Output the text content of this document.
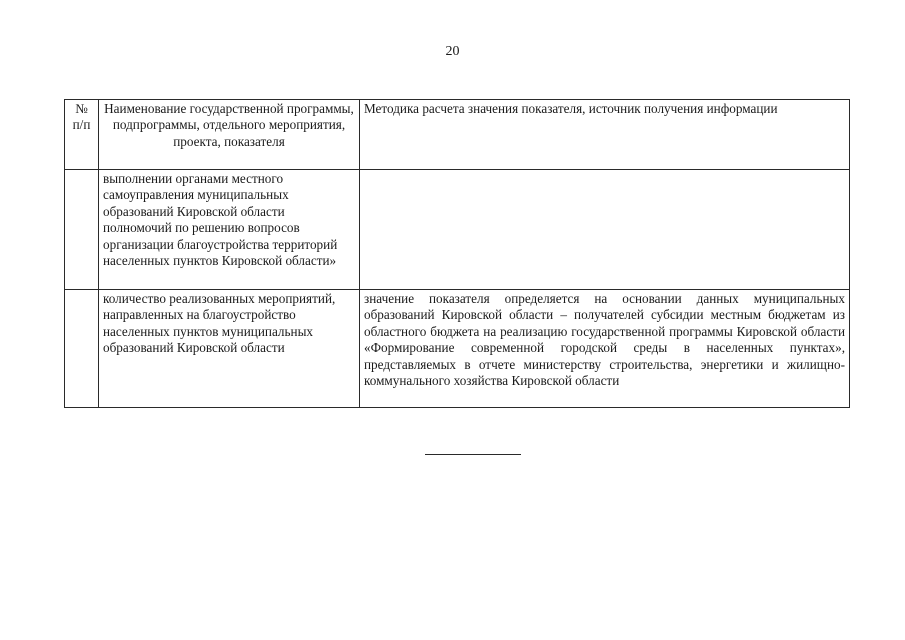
20
№ п/п	Наименование государственной программы, подпрограммы, отдельного мероприятия, проекта, показателя	Методика расчета значения показателя, источник получения информации
	выполнении органами местного самоуправления муниципальных образований Кировской области полномочий по решению вопросов организации благоустройства территорий населенных пунктов Кировской области»	
	количество реализованных мероприятий, направленных на благоустройство населенных пунктов муниципальных образований Кировской области	значение показателя определяется на основании данных муниципальных образований Кировской области – получателей субсидии местным бюджетам из областного бюджета на реализацию государственной программы Кировской области «Формирование современной городской среды в населенных пунктах», представляемых в отчете министерству строительства, энергетики и жилищно-коммунального хозяйства Кировской области
